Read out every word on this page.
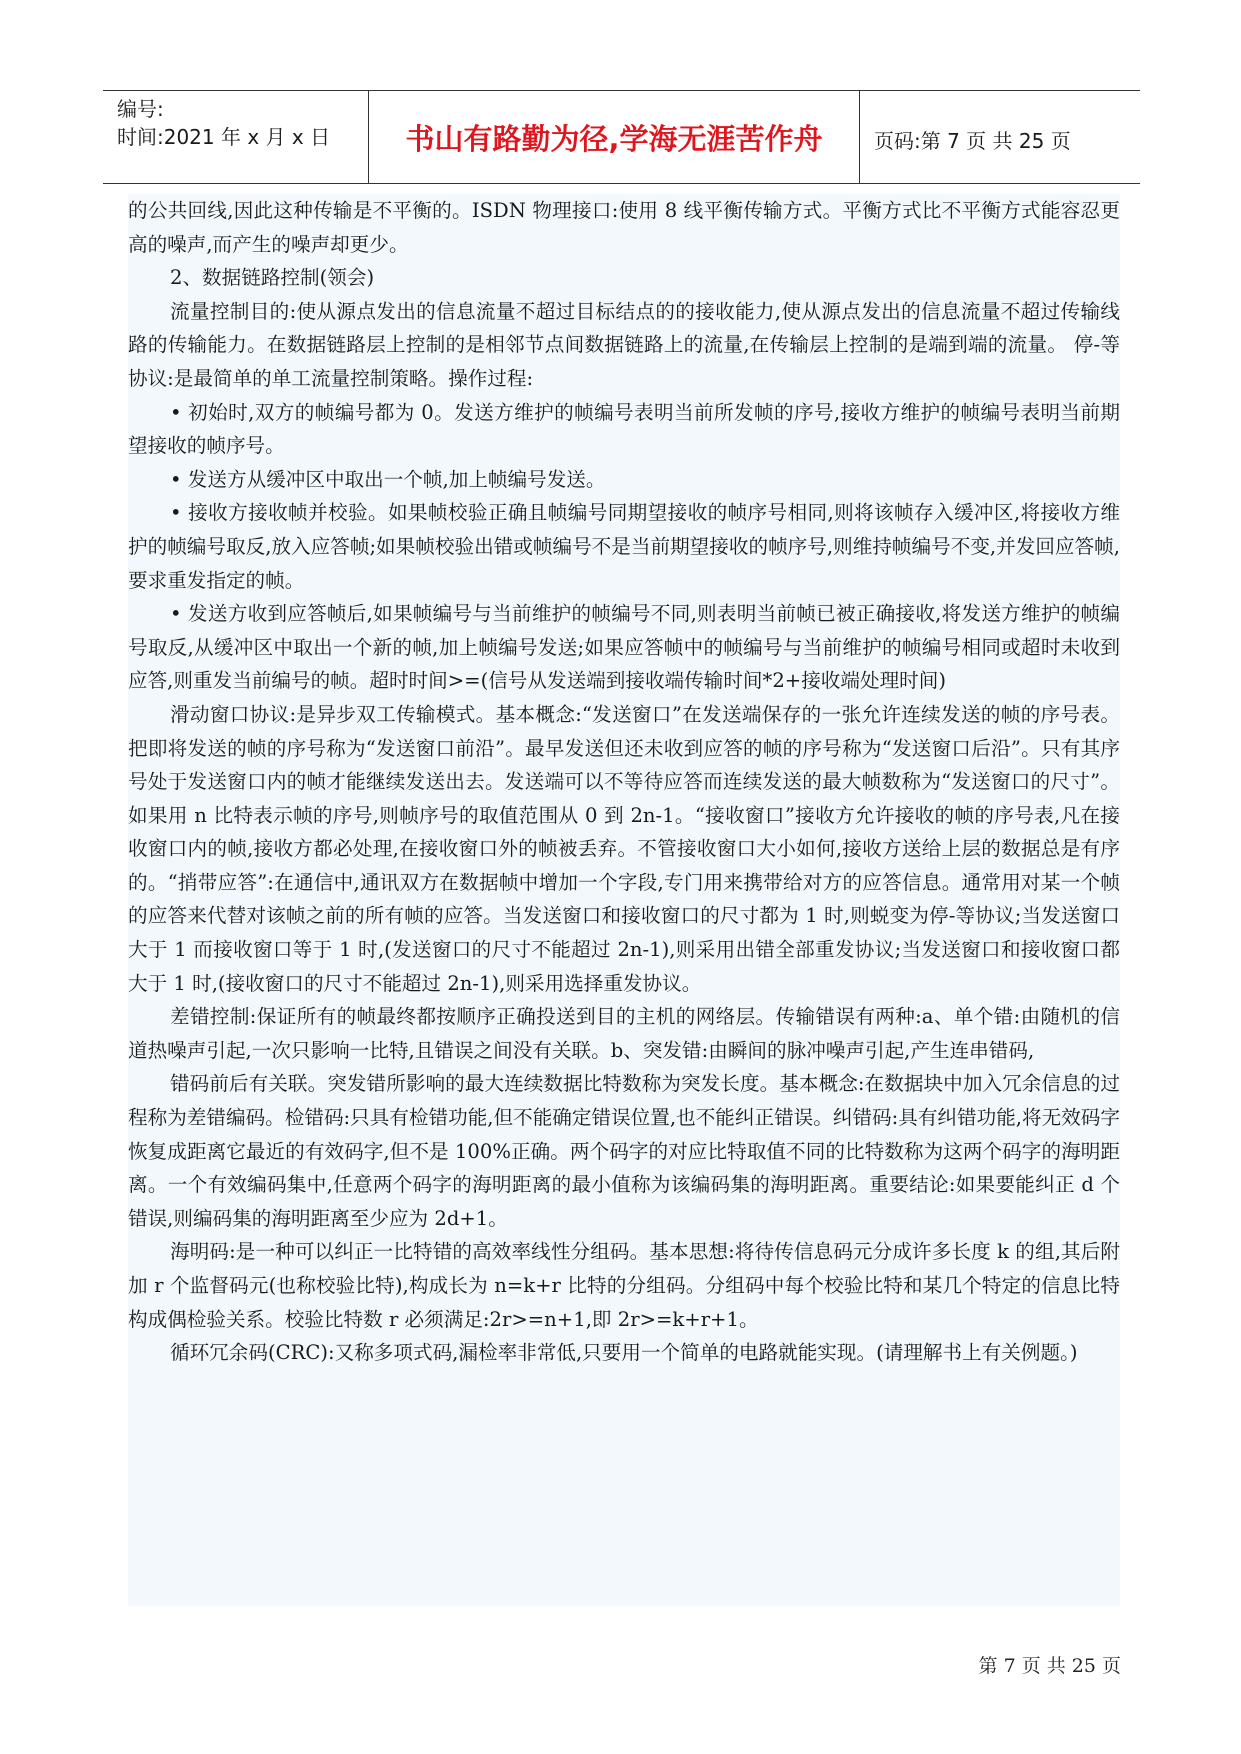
编号:
时间:2021 年 x 月 x 日	书山有路勤为径,学海无涯苦作舟	页码:第 7 页 共 25 页

的公共回线,因此这种传输是不平衡的。ISDN 物理接口:使用 8 线平衡传输方式。平衡方式比不平衡方式能容忍更高的噪声,而产生的噪声却更少。

2、数据链路控制(领会)

流量控制目的:使从源点发出的信息流量不超过目标结点的的接收能力,使从源点发出的信息流量不超过传输线路的传输能力。在数据链路层上控制的是相邻节点间数据链路上的流量,在传输层上控制的是端到端的流量。 停-等协议:是最简单的单工流量控制策略。操作过程:

• 初始时,双方的帧编号都为 0。发送方维护的帧编号表明当前所发帧的序号,接收方维护的帧编号表明当前期望接收的帧序号。

• 发送方从缓冲区中取出一个帧,加上帧编号发送。

• 接收方接收帧并校验。如果帧校验正确且帧编号同期望接收的帧序号相同,则将该帧存入缓冲区,将接收方维护的帧编号取反,放入应答帧;如果帧校验出错或帧编号不是当前期望接收的帧序号,则维持帧编号不变,并发回应答帧,要求重发指定的帧。

• 发送方收到应答帧后,如果帧编号与当前维护的帧编号不同,则表明当前帧已被正确接收,将发送方维护的帧编号取反,从缓冲区中取出一个新的帧,加上帧编号发送;如果应答帧中的帧编号与当前维护的帧编号相同或超时未收到应答,则重发当前编号的帧。超时时间>=(信号从发送端到接收端传输时间*2+接收端处理时间)

滑动窗口协议:是异步双工传输模式。基本概念:“发送窗口”在发送端保存的一张允许连续发送的帧的序号表。把即将发送的帧的序号称为“发送窗口前沿”。最早发送但还未收到应答的帧的序号称为“发送窗口后沿”。只有其序号处于发送窗口内的帧才能继续发送出去。发送端可以不等待应答而连续发送的最大帧数称为“发送窗口的尺寸”。如果用 n 比特表示帧的序号,则帧序号的取值范围从 0 到 2n-1。“接收窗口”接收方允许接收的帧的序号表,凡在接收窗口内的帧,接收方都必处理,在接收窗口外的帧被丢弃。不管接收窗口大小如何,接收方送给上层的数据总是有序的。“捎带应答”:在通信中,通讯双方在数据帧中增加一个字段,专门用来携带给对方的应答信息。通常用对某一个帧的应答来代替对该帧之前的所有帧的应答。当发送窗口和接收窗口的尺寸都为 1 时,则蜕变为停-等协议;当发送窗口大于 1 而接收窗口等于 1 时,(发送窗口的尺寸不能超过 2n-1),则采用出错全部重发协议;当发送窗口和接收窗口都大于 1 时,(接收窗口的尺寸不能超过 2n-1),则采用选择重发协议。

差错控制:保证所有的帧最终都按顺序正确投送到目的主机的网络层。传输错误有两种:a、单个错:由随机的信道热噪声引起,一次只影响一比特,且错误之间没有关联。b、突发错:由瞬间的脉冲噪声引起,产生连串错码,

错码前后有关联。突发错所影响的最大连续数据比特数称为突发长度。基本概念:在数据块中加入冗余信息的过程称为差错编码。检错码:只具有检错功能,但不能确定错误位置,也不能纠正错误。纠错码:具有纠错功能,将无效码字恢复成距离它最近的有效码字,但不是 100%正确。两个码字的对应比特取值不同的比特数称为这两个码字的海明距离。一个有效编码集中,任意两个码字的海明距离的最小值称为该编码集的海明距离。重要结论:如果要能纠正 d 个错误,则编码集的海明距离至少应为 2d+1。

海明码:是一种可以纠正一比特错的高效率线性分组码。基本思想:将待传信息码元分成许多长度 k 的组,其后附加 r 个监督码元(也称校验比特),构成长为 n=k+r 比特的分组码。分组码中每个校验比特和某几个特定的信息比特构成偶检验关系。校验比特数 r 必须满足:2r>=n+1,即 2r>=k+r+1。

循环冗余码(CRC):又称多项式码,漏检率非常低,只要用一个简单的电路就能实现。(请理解书上有关例题。)

第 7 页 共 25 页
